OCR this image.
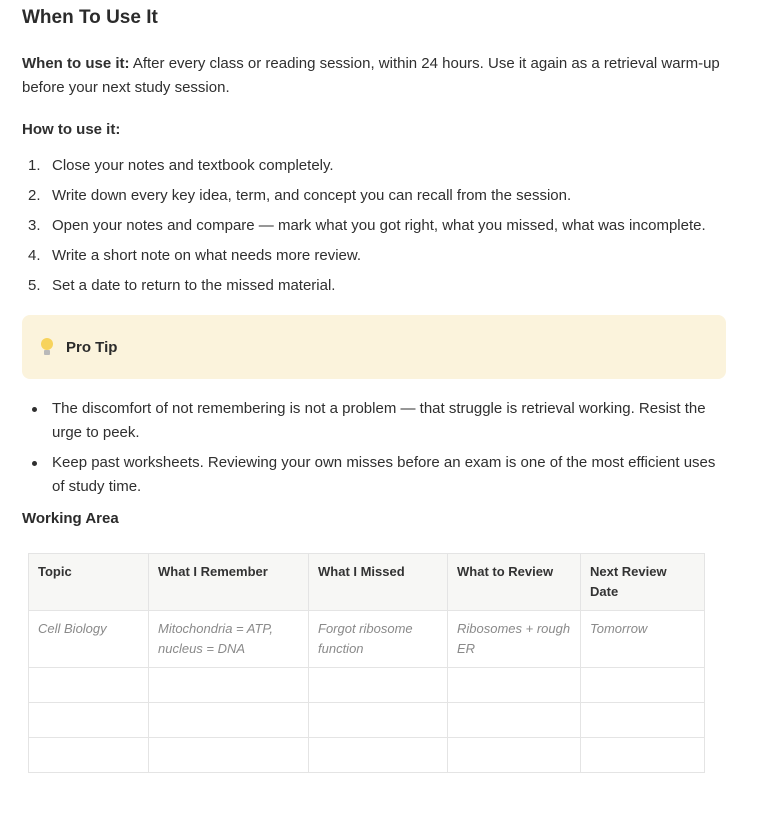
When To Use It

When to use it: After every class or reading session, within 24 hours. Use it again as a retrieval warm-up before your next study session.

How to use it:

1. Close your notes and textbook completely.
2. Write down every key idea, term, and concept you can recall from the session.
3. Open your notes and compare — mark what you got right, what you missed, what was incomplete.
4. Write a short note on what needs more review.
5. Set a date to return to the missed material.
Pro Tip
The discomfort of not remembering is not a problem — that struggle is retrieval working. Resist the urge to peek.
Keep past worksheets. Reviewing your own misses before an exam is one of the most efficient uses of study time.
Working Area
Topic	What I Remember	What I Missed	What to Review	Next Review Date
Cell Biology	Mitochondria = ATP, nucleus = DNA	Forgot ribosome function	Ribosomes + rough ER	Tomorrow
